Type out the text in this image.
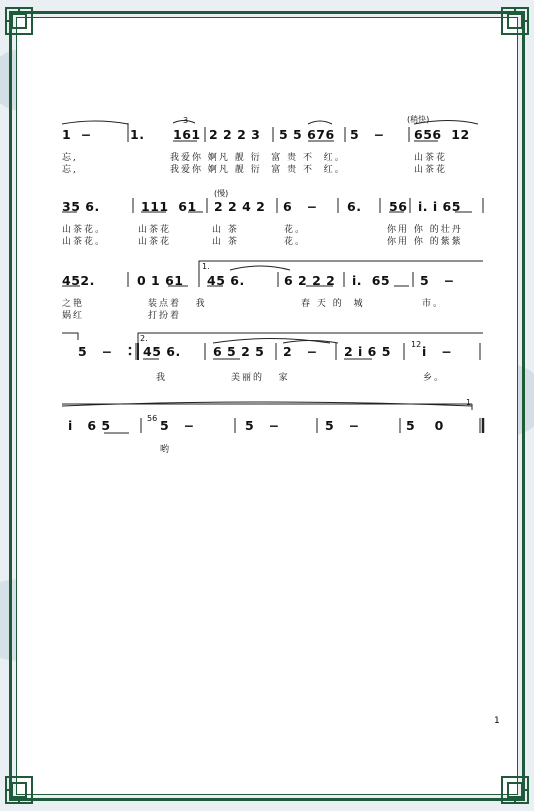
(稍快)
(慢)
1.
2.
12
56
3
1
1  −	1. 161 2 2 2 3 5 5 676 5   − 656  12
忘,	我爱你 婀凡 靓 衍  富 贵 不  红。	山茶花
忘,	我爱你 婀凡 靓 衍  富 贵 不  红。	山茶花
35 6.	111  61 2 2 4 2 6   − 6. 56 i. i 65
山茶花。	山茶花	山 茶	花。	你用 你 的壮丹
山茶花。	山茶花	山 茶	花。	你用 你 的紫紫
452.	0 1 61 45 6.	6 2 2 2 i.  65 5   −
之艳	装点着   我	春 天 的  城	市。
娲红	打扮着
5   − 45 6.	6 5 2 5 2   − 2 i 6 5 i   −
我	美丽的   家	乡。
i   6 5	5   −	5   −	5   −	5    0
哟
1
